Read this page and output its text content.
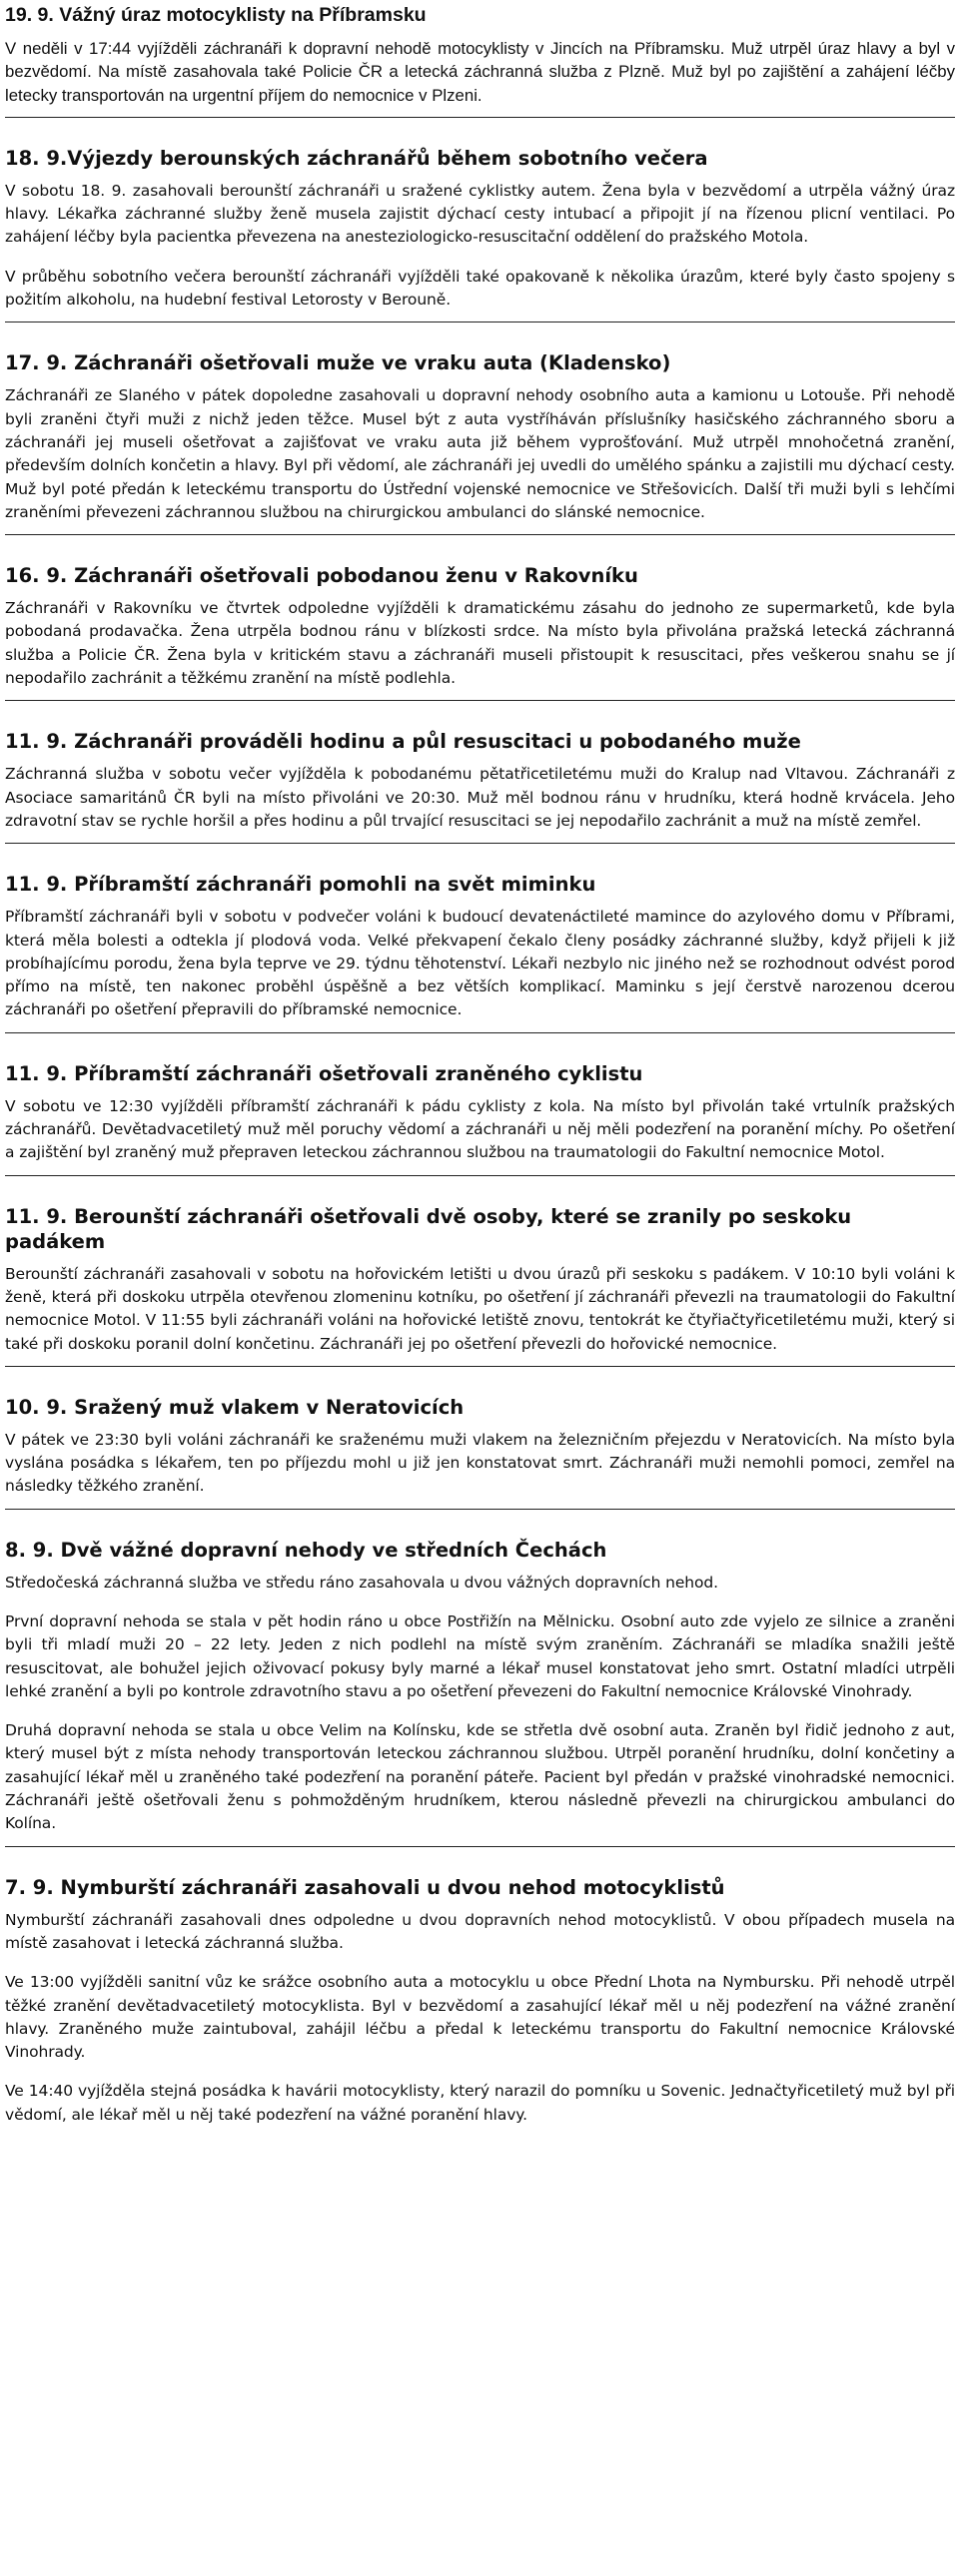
19. 9. Vážný úraz motocyklisty na Příbramsku

V neděli v 17:44 vyjížděli záchranáři k dopravní nehodě motocyklisty v Jincích na Příbramsku. Muž utrpěl úraz hlavy a byl v bezvědomí. Na místě zasahovala také Policie ČR a letecká záchranná služba z Plzně. Muž byl po zajištění a zahájení léčby letecky transportován na urgentní příjem do nemocnice v Plzeni.

18. 9.Výjezdy berounských záchranářů během sobotního večera

V sobotu 18. 9. zasahovali berounští záchranáři u sražené cyklistky autem. Žena byla v bezvědomí a utrpěla vážný úraz hlavy. Lékařka záchranné služby ženě musela zajistit dýchací cesty intubací a připojit jí na řízenou plicní ventilaci. Po zahájení léčby byla pacientka převezena na anesteziologicko-resuscitační oddělení do pražského Motola.

V průběhu sobotního večera berounští záchranáři vyjížděli také opakovaně k několika úrazům, které byly často spojeny s požitím alkoholu, na hudební festival Letorosty v Berouně.

17. 9. Záchranáři ošetřovali muže ve vraku auta (Kladensko)

Záchranáři ze Slaného v pátek dopoledne zasahovali u dopravní nehody osobního auta a kamionu u Lotouše. Při nehodě byli zraněni čtyři muži z nichž jeden těžce. Musel být z auta vystříháván příslušníky hasičského záchranného sboru a záchranáři jej museli ošetřovat a zajišťovat ve vraku auta již během vyprošťování. Muž utrpěl mnohočetná zranění, především dolních končetin a hlavy. Byl při vědomí, ale záchranáři jej uvedli do umělého spánku a zajistili mu dýchací cesty. Muž byl poté předán k leteckému transportu do Ústřední vojenské nemocnice ve Střešovicích. Další tři muži byli s lehčími zraněními převezeni záchrannou službou na chirurgickou ambulanci do slánské nemocnice.

16. 9. Záchranáři ošetřovali pobodanou ženu v Rakovníku

Záchranáři v Rakovníku ve čtvrtek odpoledne vyjížděli k dramatickému zásahu do jednoho ze supermarketů, kde byla pobodaná prodavačka. Žena utrpěla bodnou ránu v blízkosti srdce. Na místo byla přivolána pražská letecká záchranná služba a Policie ČR. Žena byla v kritickém stavu a záchranáři museli přistoupit k resuscitaci, přes veškerou snahu se jí nepodařilo zachránit a těžkému zranění na místě podlehla.

11. 9. Záchranáři prováděli hodinu a půl resuscitaci u pobodaného muže

Záchranná služba v sobotu večer vyjížděla k pobodanému pětatřicetiletému muži do Kralup nad Vltavou. Záchranáři z Asociace samaritánů ČR byli na místo přivoláni ve 20:30. Muž měl bodnou ránu v hrudníku, která hodně krvácela. Jeho zdravotní stav se rychle horšil a přes hodinu a půl trvající resuscitaci se jej nepodařilo zachránit a muž na místě zemřel.

11. 9. Příbramští záchranáři pomohli na svět miminku

Příbramští záchranáři byli v sobotu v podvečer voláni k budoucí devatenáctileté mamince do azylového domu v Příbrami, která měla bolesti a odtekla jí plodová voda. Velké překvapení čekalo členy posádky záchranné služby, když přijeli k již probíhajícímu porodu, žena byla teprve ve 29. týdnu těhotenství. Lékaři nezbylo nic jiného než se rozhodnout odvést porod přímo na místě, ten nakonec proběhl úspěšně a bez větších komplikací. Maminku s její čerstvě narozenou dcerou záchranáři po ošetření přepravili do příbramské nemocnice.

11. 9. Příbramští záchranáři ošetřovali zraněného cyklistu

V sobotu ve 12:30 vyjížděli příbramští záchranáři k pádu cyklisty z kola. Na místo byl přivolán také vrtulník pražských záchranářů. Devětadvacetiletý muž měl poruchy vědomí a záchranáři u něj měli podezření na poranění míchy. Po ošetření a zajištění byl zraněný muž přepraven leteckou záchrannou službou na traumatologii do Fakultní nemocnice Motol.

11. 9. Berounští záchranáři ošetřovali dvě osoby, které se zranily po seskoku padákem

Berounští záchranáři zasahovali v sobotu na hořovickém letišti u dvou úrazů při seskoku s padákem. V 10:10 byli voláni k ženě, která při doskoku utrpěla otevřenou zlomeninu kotníku, po ošetření jí záchranáři převezli na traumatologii do Fakultní nemocnice Motol. V 11:55 byli záchranáři voláni na hořovické letiště znovu, tentokrát ke čtyřiačtyřicetiletému muži, který si také při doskoku poranil dolní končetinu. Záchranáři jej po ošetření převezli do hořovické nemocnice.

10. 9. Sražený muž vlakem v Neratovicích

V pátek ve 23:30 byli voláni záchranáři ke sraženému muži vlakem na železničním přejezdu v Neratovicích. Na místo byla vyslána posádka s lékařem, ten po příjezdu mohl u již jen konstatovat smrt. Záchranáři muži nemohli pomoci, zemřel na následky těžkého zranění.

8. 9. Dvě vážné dopravní nehody ve středních Čechách

Středočeská záchranná služba ve středu ráno zasahovala u dvou vážných dopravních nehod.

První dopravní nehoda se stala v pět hodin ráno u obce Postřižín na Mělnicku. Osobní auto zde vyjelo ze silnice a zraněni byli tři mladí muži 20 – 22 lety. Jeden z nich podlehl na místě svým zraněním. Záchranáři se mladíka snažili ještě resuscitovat, ale bohužel jejich oživovací pokusy byly marné a lékař musel konstatovat jeho smrt. Ostatní mladíci utrpěli lehké zranění a byli po kontrole zdravotního stavu a po ošetření převezeni do Fakultní nemocnice Královské Vinohrady.

Druhá dopravní nehoda se stala u obce Velim na Kolínsku, kde se střetla dvě osobní auta. Zraněn byl řidič jednoho z aut, který musel být z místa nehody transportován leteckou záchrannou službou. Utrpěl poranění hrudníku, dolní končetiny a zasahující lékař měl u zraněného také podezření na poranění páteře. Pacient byl předán v pražské vinohradské nemocnici. Záchranáři ještě ošetřovali ženu s pohmožděným hrudníkem, kterou následně převezli na chirurgickou ambulanci do Kolína.

7. 9. Nymburští záchranáři zasahovali u dvou nehod motocyklistů

Nymburští záchranáři zasahovali dnes odpoledne u dvou dopravních nehod motocyklistů. V obou případech musela na místě zasahovat i letecká záchranná služba.

Ve 13:00 vyjížděli sanitní vůz ke srážce osobního auta a motocyklu u obce Přední Lhota na Nymbursku. Při nehodě utrpěl těžké zranění devětadvacetiletý motocyklista. Byl v bezvědomí a zasahující lékař měl u něj podezření na vážné zranění hlavy. Zraněného muže zaintuboval, zahájil léčbu a předal k leteckému transportu do Fakultní nemocnice Královské Vinohrady.

Ve 14:40 vyjížděla stejná posádka k havárii motocyklisty, který narazil do pomníku u Sovenic. Jednačtyřicetiletý muž byl při vědomí, ale lékař měl u něj také podezření na vážné poranění hlavy.
